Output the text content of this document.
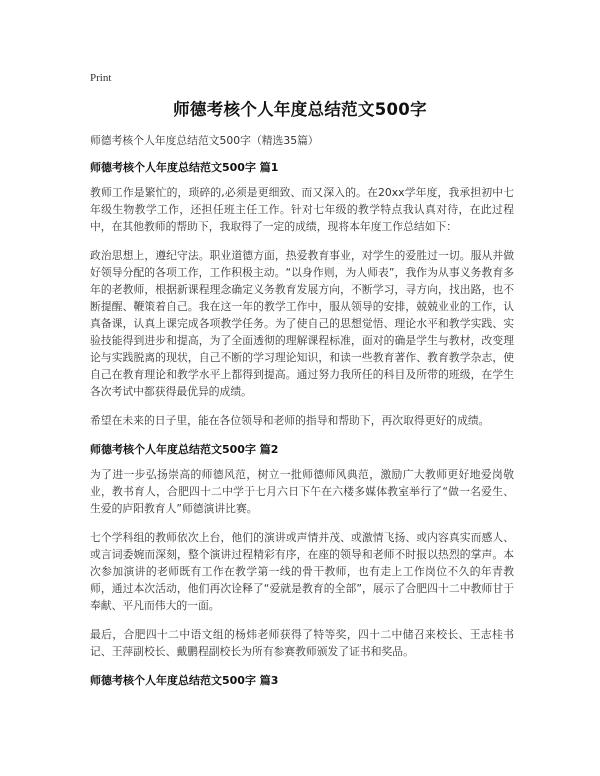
Print
师德考核个人年度总结范文500字
师德考核个人年度总结范文500字（精选35篇）
师德考核个人年度总结范文500字 篇1

教师工作是繁忙的，琐碎的,必须是更细致、而又深入的。在20xx学年度，我承担初中七年级生物教学工作，还担任班主任工作。针对七年级的教学特点我认真对待，在此过程中，在其他教师的帮助下，我取得了一定的成绩，现将本年度工作总结如下：

政治思想上，遵纪守法。职业道德方面，热爱教育事业，对学生的爱胜过一切。服从并做好领导分配的各项工作，工作积极主动。“以身作则，为人师表”，我作为从事义务教育多年的老教师，根据新课程理念确定义务教育发展方向，不断学习，寻方向，找出路，也不断提醒、鞭策着自己。我在这一年的教学工作中，服从领导的安排，兢兢业业的工作，认真备课，认真上课完成各项教学任务。为了使自己的思想觉悟、理论水平和教学实践、实验技能得到进步和提高，为了全面透彻的理解课程标准，面对的确是学生与教材，改变理论与实践脱离的现状，自己不断的学习理论知识，和读一些教育著作、教育教学杂志，使自己在教育理论和教学水平上都得到提高。通过努力我所任的科目及所带的班级，在学生各次考试中都获得最优异的成绩。

希望在未来的日子里，能在各位领导和老师的指导和帮助下，再次取得更好的成绩。

师德考核个人年度总结范文500字 篇2

为了进一步弘扬崇高的师德风范，树立一批师德师风典范，激励广大教师更好地爱岗敬业，教书育人，合肥四十二中学于七月六日下午在六楼多媒体教室举行了“做一名爱生、生爱的庐阳教育人”师德演讲比赛。

七个学科组的教师依次上台，他们的演讲或声情并茂、或激情飞扬、或内容真实而感人、或言词委婉而深刻，整个演讲过程精彩有序，在座的领导和老师不时报以热烈的掌声。本次参加演讲的老师既有工作在教学第一线的骨干教师，也有走上工作岗位不久的年青教师，通过本次活动，他们再次诠释了“爱就是教育的全部”，展示了合肥四十二中教师甘于奉献、平凡而伟大的一面。

最后，合肥四十二中语文组的杨炜老师获得了特等奖，四十二中储召来校长、王志桂书记、王萍副校长、戴鹏程副校长为所有参赛教师颁发了证书和奖品。

师德考核个人年度总结范文500字 篇3
